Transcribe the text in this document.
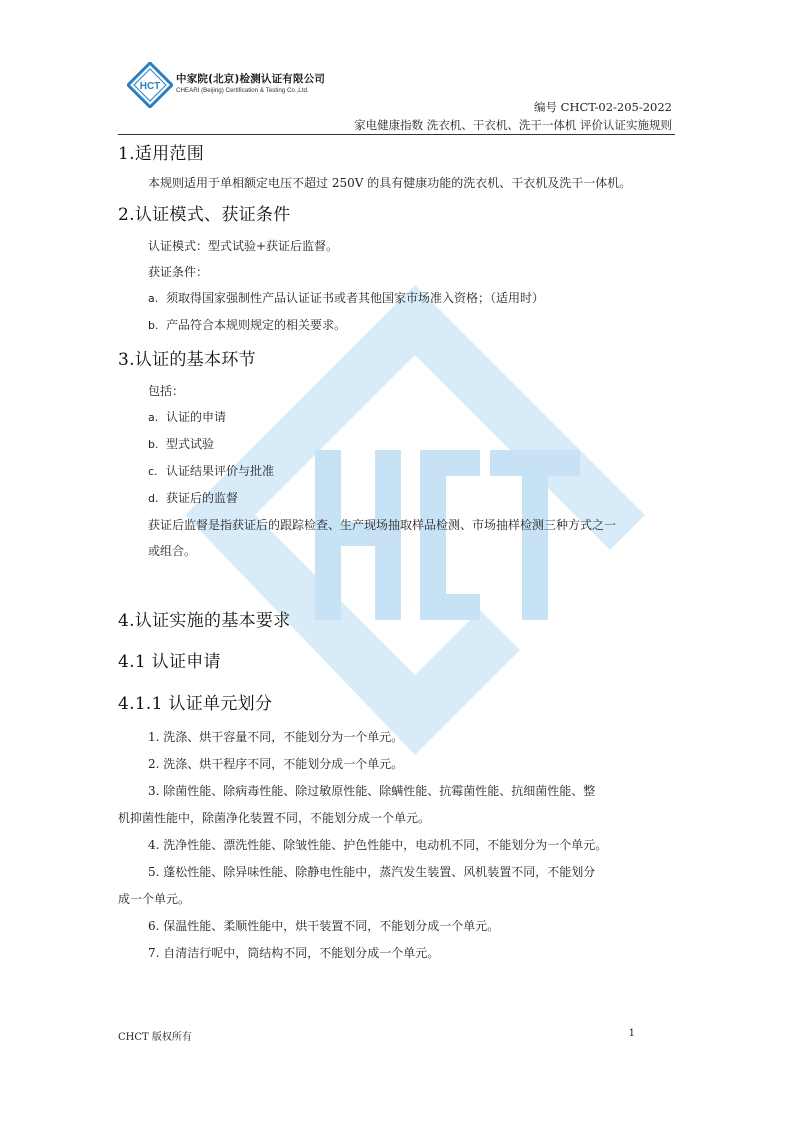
HCT
中家院(北京)检测认证有限公司
CHEARI (Beijing) Certification & Testing Co.,Ltd.
编号 CHCT-02-205-2022
家电健康指数 洗衣机、干衣机、洗干一体机 评价认证实施规则
1.适用范围
本规则适用于单相额定电压不超过 250V 的具有健康功能的洗衣机、干衣机及洗干一体机。
2.认证模式、获证条件
认证模式：型式试验+获证后监督。
获证条件：
a. 须取得国家强制性产品认证证书或者其他国家市场准入资格；（适用时）
b. 产品符合本规则规定的相关要求。
3.认证的基本环节
包括：
a. 认证的申请
b. 型式试验
c. 认证结果评价与批准
d. 获证后的监督
获证后监督是指获证后的跟踪检查、生产现场抽取样品检测、市场抽样检测三种方式之一
或组合。
4.认证实施的基本要求
4.1 认证申请
4.1.1 认证单元划分
1. 洗涤、烘干容量不同，不能划分为一个单元。
2. 洗涤、烘干程序不同，不能划分成一个单元。
3. 除菌性能、除病毒性能、除过敏原性能、除螨性能、抗霉菌性能、抗细菌性能、整
机抑菌性能中，除菌净化装置不同，不能划分成一个单元。
4. 洗净性能、漂洗性能、除皱性能、护色性能中，电动机不同，不能划分为一个单元。
5. 蓬松性能、除异味性能、除静电性能中，蒸汽发生装置、风机装置不同，不能划分
成一个单元。
6. 保温性能、柔顺性能中，烘干装置不同，不能划分成一个单元。
7. 自清洁行呢中，筒结构不同，不能划分成一个单元。
CHCT 版权所有	1
